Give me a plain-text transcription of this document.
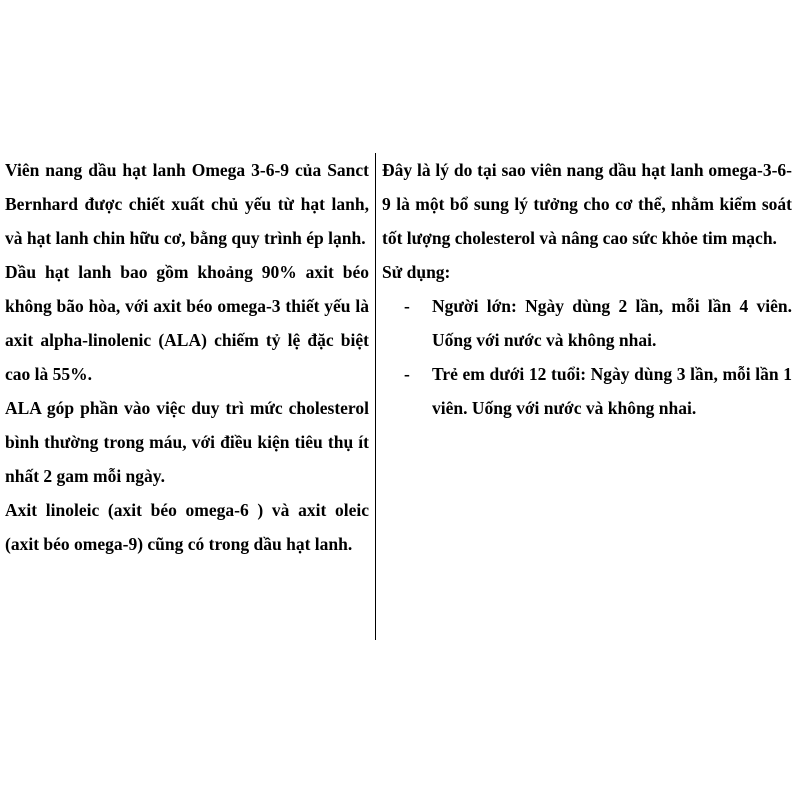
Viên nang dầu hạt lanh Omega 3-6-9 của Sanct Bernhard được chiết xuất chủ yếu từ hạt lanh, và hạt lanh chin hữu cơ, bằng quy trình ép lạnh.

Dầu hạt lanh bao gồm khoảng 90% axit béo không bão hòa, với axit béo omega-3 thiết yếu là axit alpha-linolenic (ALA) chiếm tỷ lệ đặc biệt cao là 55%.

ALA góp phần vào việc duy trì mức cholesterol bình thường trong máu, với điều kiện tiêu thụ ít nhất 2 gam mỗi ngày.

Axit linoleic (axit béo omega-6 ) và axit oleic (axit béo omega-9) cũng có trong dầu hạt lanh.

Đây là lý do tại sao viên nang dầu hạt lanh omega-3-6-9 là một bổ sung lý tưởng cho cơ thể, nhằm kiểm soát tốt lượng cholesterol và nâng cao sức khỏe tim mạch.

Sử dụng:

- Người lớn: Ngày dùng 2 lần, mỗi lần 4 viên. Uống với nước và không nhai.
- Trẻ em dưới 12 tuổi: Ngày dùng 3 lần, mỗi lần 1 viên. Uống với nước và không nhai.
